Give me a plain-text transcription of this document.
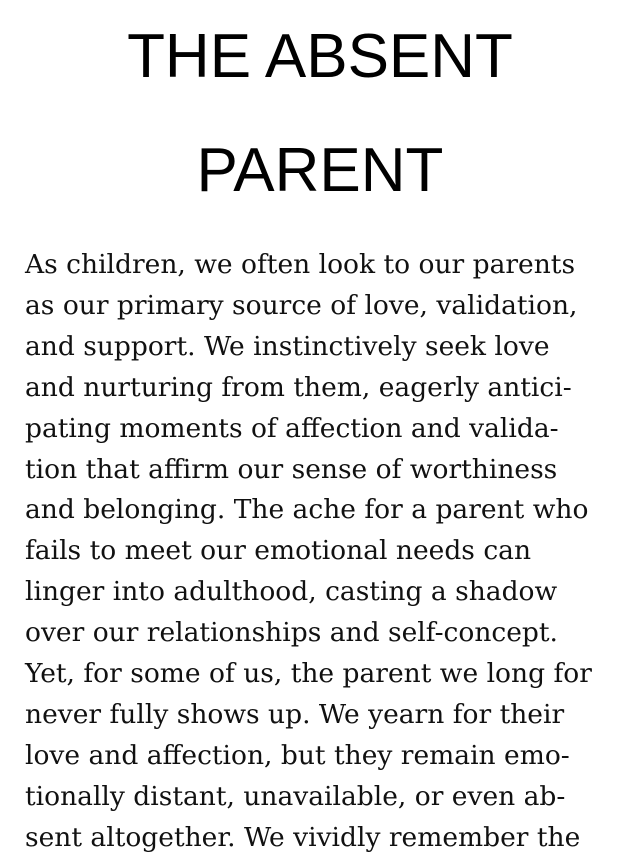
THE ABSENT
PARENT
As children, we often look to our parents
as our primary source of love, validation,
and support. We instinctively seek love
and nurturing from them, eagerly antici-
pating moments of affection and valida-
tion that affirm our sense of worthiness
and belonging. The ache for a parent who
fails to meet our emotional needs can
linger into adulthood, casting a shadow
over our relationships and self-concept.
Yet, for some of us, the parent we long for
never fully shows up. We yearn for their
love and affection, but they remain emo-
tionally distant, unavailable, or even ab-
sent altogether. We vividly remember the
